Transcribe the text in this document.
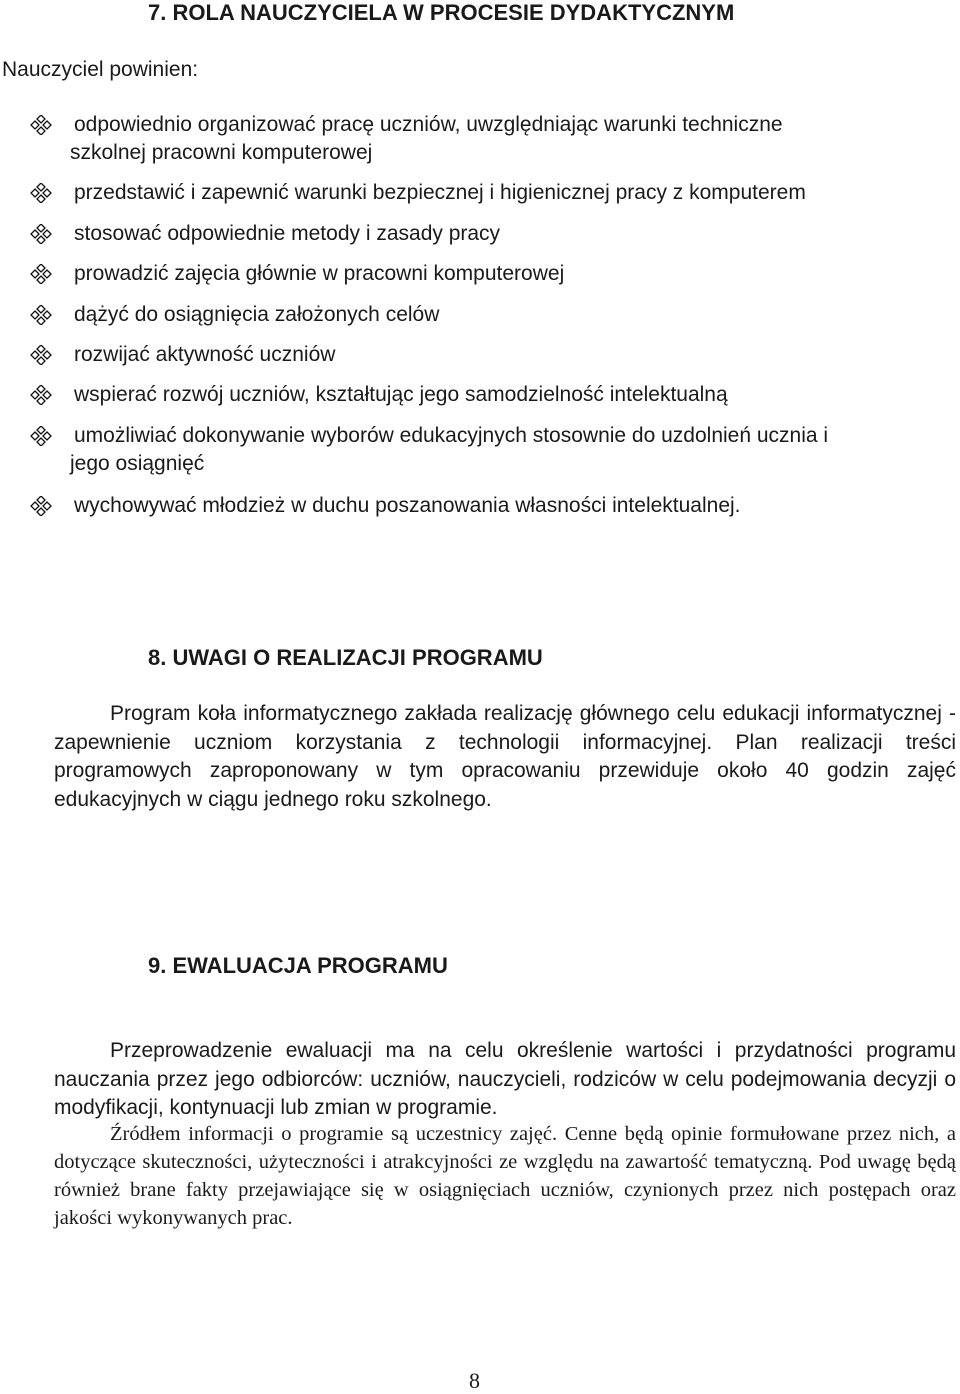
7. ROLA NAUCZYCIELA W PROCESIE DYDAKTYCZNYM
Nauczyciel powinien:
odpowiednio organizować pracę uczniów, uwzględniając warunki techniczne
szkolnej pracowni komputerowej
przedstawić i zapewnić warunki bezpiecznej i higienicznej pracy z komputerem
stosować odpowiednie metody i zasady pracy
prowadzić zajęcia głównie w pracowni komputerowej
dążyć do osiągnięcia założonych celów
rozwijać aktywność uczniów
wspierać rozwój uczniów, kształtując jego samodzielność intelektualną
umożliwiać dokonywanie wyborów edukacyjnych stosownie do uzdolnień ucznia i
jego osiągnięć
wychowywać młodzież w duchu poszanowania własności intelektualnej.
8. UWAGI O REALIZACJI PROGRAMU

Program koła informatycznego zakłada realizację głównego celu edukacji informatycznej - zapewnienie uczniom korzystania z technologii informacyjnej. Plan realizacji treści programowych zaproponowany w tym opracowaniu przewiduje około 40 godzin zajęć edukacyjnych w ciągu jednego roku szkolnego.

9. EWALUACJA PROGRAMU

Przeprowadzenie ewaluacji ma na celu określenie wartości i przydatności programu nauczania przez jego odbiorców: uczniów, nauczycieli, rodziców w celu podejmowania decyzji o modyfikacji, kontynuacji lub zmian w programie.

Źródłem informacji o programie są uczestnicy zajęć. Cenne będą opinie formułowane przez nich, a dotyczące skuteczności, użyteczności i atrakcyjności ze względu na zawartość tematyczną. Pod uwagę będą również brane fakty przejawiające się w osiągnięciach uczniów, czynionych przez nich postępach oraz jakości wykonywanych prac.

8
